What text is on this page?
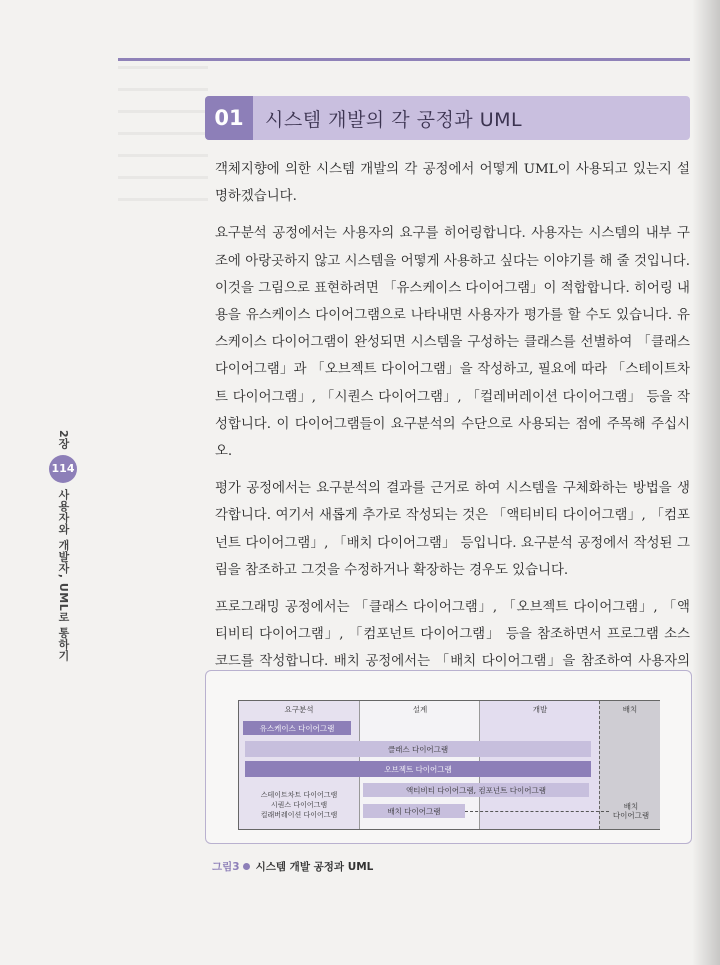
01	시스템 개발의 각 공정과 UML

객체지향에 의한 시스템 개발의 각 공정에서 어떻게 UML이 사용되고 있는지 설명하겠습니다.

요구분석 공정에서는 사용자의 요구를 히어링합니다. 사용자는 시스템의 내부 구조에 아랑곳하지 않고 시스템을 어떻게 사용하고 싶다는 이야기를 해 줄 것입니다. 이것을 그림으로 표현하려면 「유스케이스 다이어그램」이 적합합니다. 히어링 내용을 유스케이스 다이어그램으로 나타내면 사용자가 평가를 할 수도 있습니다. 유스케이스 다이어그램이 완성되면 시스템을 구성하는 클래스를 선별하여 「클래스 다이어그램」과 「오브젝트 다이어그램」을 작성하고, 필요에 따라 「스테이트차트 다이어그램」, 「시퀀스 다이어그램」, 「컬레버레이션 다이어그램」 등을 작성합니다. 이 다이어그램들이 요구분석의 수단으로 사용되는 점에 주목해 주십시오.

평가 공정에서는 요구분석의 결과를 근거로 하여 시스템을 구체화하는 방법을 생각합니다. 여기서 새롭게 추가로 작성되는 것은 「액티비티 다이어그램」, 「컴포넌트 다이어그램」, 「배치 다이어그램」 등입니다. 요구분석 공정에서 작성된 그림을 참조하고 그것을 수정하거나 확장하는 경우도 있습니다.

프로그래밍 공정에서는 「클래스 다이어그램」, 「오브젝트 다이어그램」, 「액티비티 다이어그램」, 「컴포넌트 다이어그램」 등을 참조하면서 프로그램 소스코드를 작성합니다. 배치 공정에서는 「배치 다이어그램」을 참조하여 사용자의

2장
114
사용자와 개발자, UML로 통하기
요구분석	설계	개발	배치
유스케이스 다이어그램
클래스 다이어그램
오브젝트 다이어그램
스테이트차트 다이어그램
시퀀스 다이어그램
컬래버레이션 다이어그램
액티비티 다이어그램, 컴포넌트 다이어그램
배치 다이어그램	배치
다이어그램
그림3 시스템 개발 공정과 UML
